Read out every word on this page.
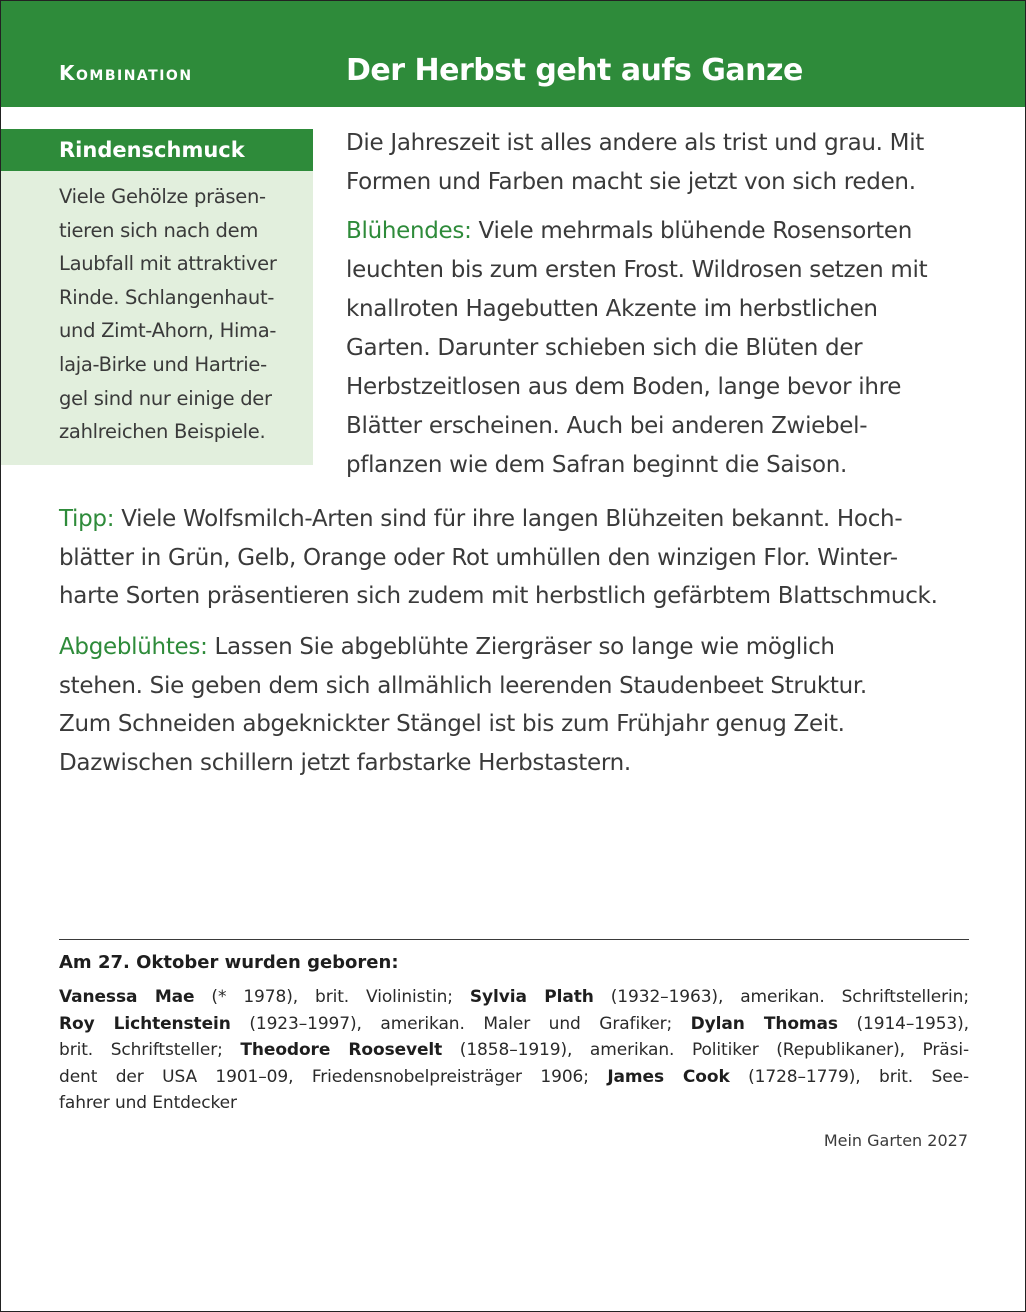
Kombination	Der Herbst geht aufs Ganze
Rindenschmuck
Viele Gehölze präsen-
tieren sich nach dem
Laubfall mit attraktiver
Rinde. Schlangenhaut-
und Zimt-Ahorn, Hima-
laja-Birke und Hartrie-
gel sind nur einige der
zahlreichen Beispiele.
Die Jahreszeit ist alles andere als trist und grau. Mit
Formen und Farben macht sie jetzt von sich reden.
Blühendes: Viele mehrmals blühende Rosensorten
leuchten bis zum ersten Frost. Wildrosen setzen mit
knallroten Hagebutten Akzente im herbstlichen
Garten. Darunter schieben sich die Blüten der
Herbstzeitlosen aus dem Boden, lange bevor ihre
Blätter erscheinen. Auch bei anderen Zwiebel-
pflanzen wie dem Safran beginnt die Saison.
Tipp: Viele Wolfsmilch-Arten sind für ihre langen Blühzeiten bekannt. Hoch-
blätter in Grün, Gelb, Orange oder Rot umhüllen den winzigen Flor. Winter-
harte Sorten präsentieren sich zudem mit herbstlich gefärbtem Blattschmuck.
Abgeblühtes: Lassen Sie abgeblühte Ziergräser so lange wie möglich
stehen. Sie geben dem sich allmählich leerenden Staudenbeet Struktur.
Zum Schneiden abgeknickter Stängel ist bis zum Frühjahr genug Zeit.
Dazwischen schillern jetzt farbstarke Herbstastern.
Am 27. Oktober wurden geboren:
Vanessa Mae (* 1978), brit. Violinistin; Sylvia Plath (1932–1963), amerikan. Schriftstellerin;
Roy Lichtenstein (1923–1997), amerikan. Maler und Grafiker; Dylan Thomas (1914–1953),
brit. Schriftsteller; Theodore Roosevelt (1858–1919), amerikan. Politiker (Republikaner), Präsi-
dent der USA 1901–09, Friedensnobelpreisträger 1906; James Cook (1728–1779), brit. See-
fahrer und Entdecker
Mein Garten 2027
